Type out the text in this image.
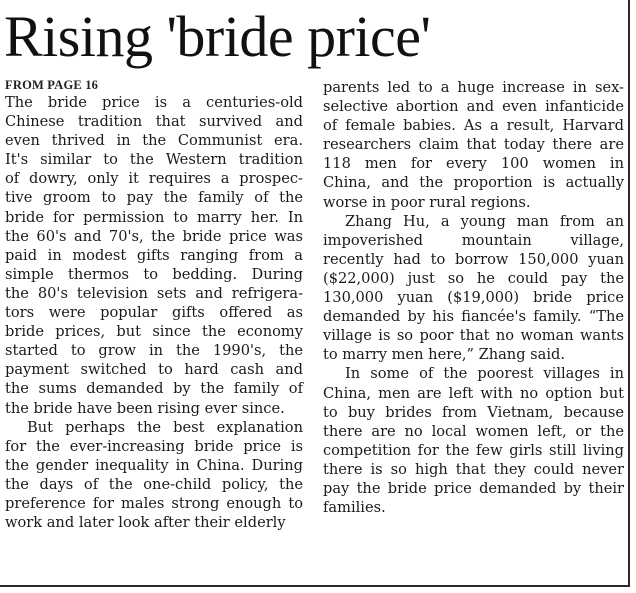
Rising 'bride price'
FROM PAGE 16
The bride price is a centuries-old
Chinese tradition that survived and
even thrived in the Communist era.
It's similar to the Western tradition
of dowry, only it requires a prospec-
tive groom to pay the family of the
bride for permission to marry her. In
the 60's and 70's, the bride price was
paid in modest gifts ranging from a
simple thermos to bedding. During
the 80's television sets and refrigera-
tors were popular gifts offered as
bride prices, but since the economy
started to grow in the 1990's, the
payment switched to hard cash and
the sums demanded by the family of
the bride have been rising ever since.
But perhaps the best explanation
for the ever-increasing bride price is
the gender inequality in China. During
the days of the one-child policy, the
preference for males strong enough to
work and later look after their elderly
parents led to a huge increase in sex-
selective abortion and even infanticide
of female babies. As a result, Harvard
researchers claim that today there are
118 men for every 100 women in
China, and the proportion is actually
worse in poor rural regions.
Zhang Hu, a young man from an
impoverished mountain village,
recently had to borrow 150,000 yuan
($22,000) just so he could pay the
130,000 yuan ($19,000) bride price
demanded by his fiancée's family. “The
village is so poor that no woman wants
to marry men here,” Zhang said.
In some of the poorest villages in
China, men are left with no option but
to buy brides from Vietnam, because
there are no local women left, or the
competition for the few girls still living
there is so high that they could never
pay the bride price demanded by their
families.
